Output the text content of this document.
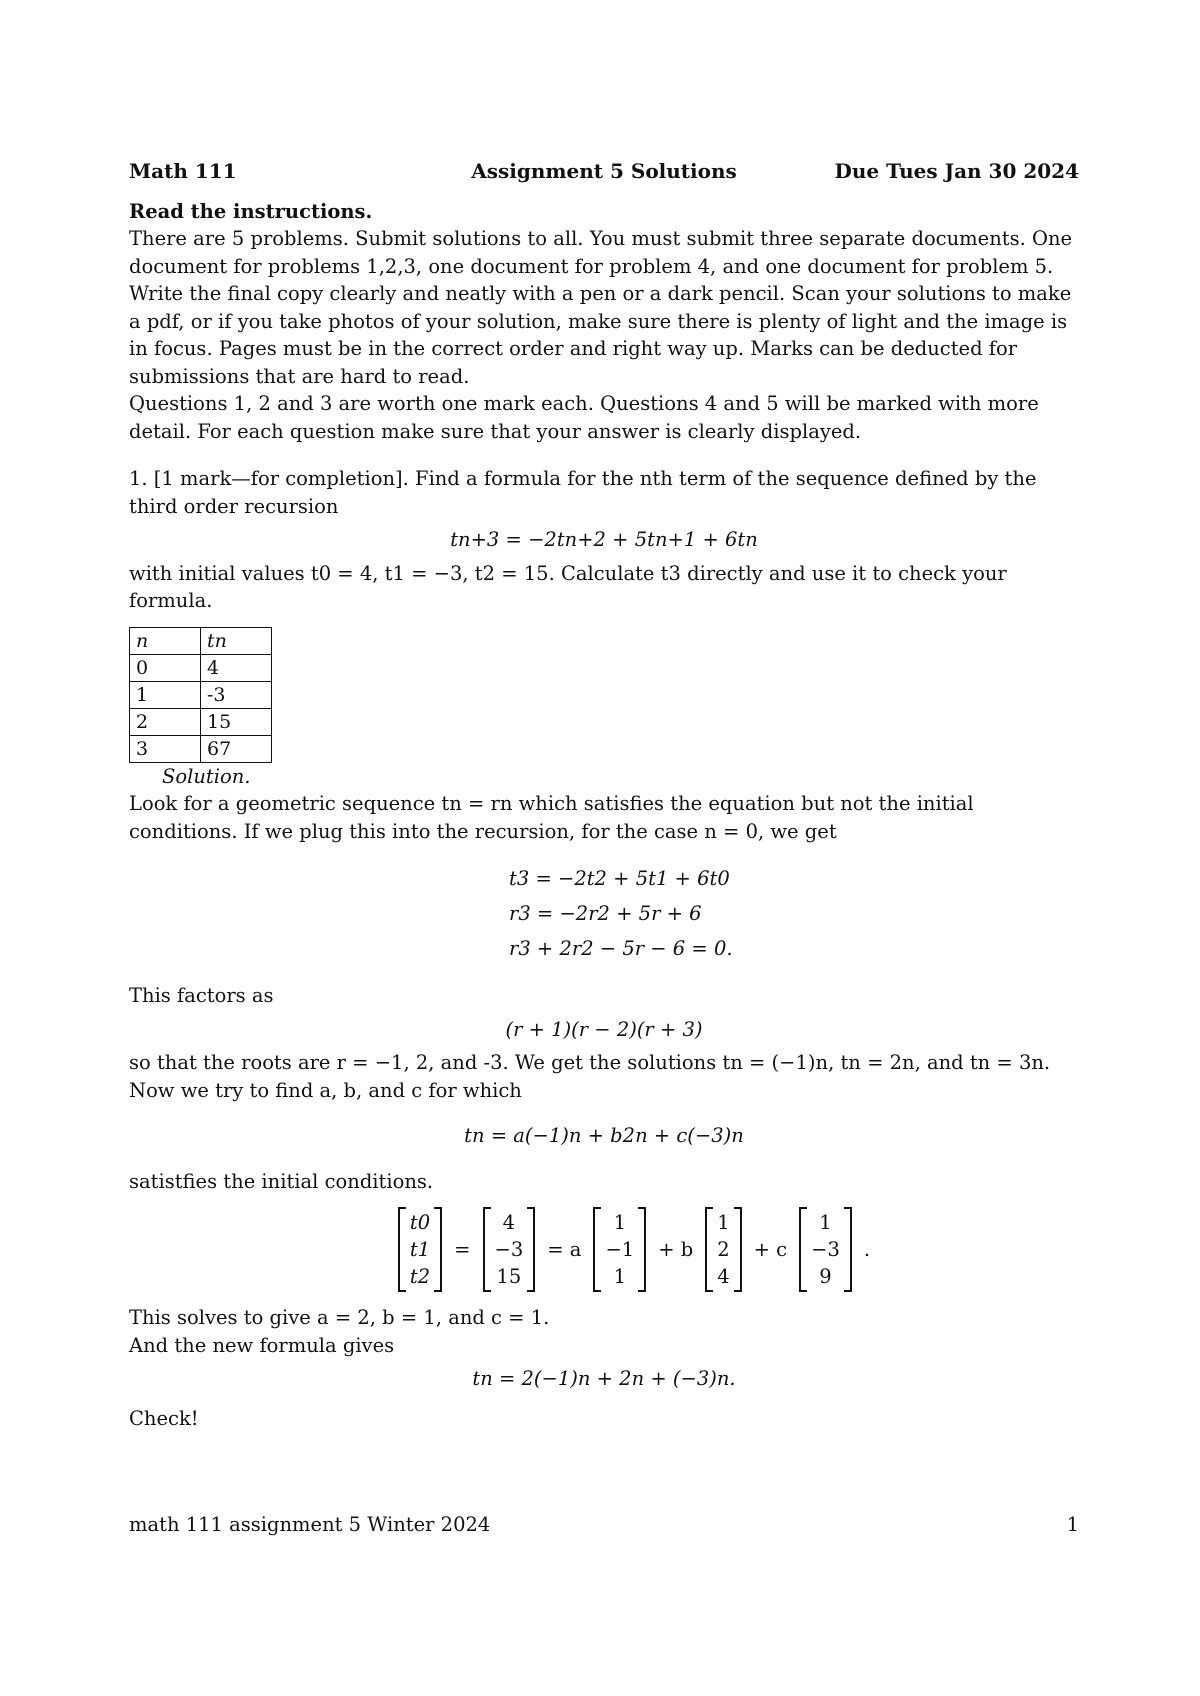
Math 111	Assignment 5 Solutions	Due Tues Jan 30 2024

Read the instructions.

There are 5 problems. Submit solutions to all. You must submit three separate documents. One document for problems 1,2,3, one document for problem 4, and one document for problem 5. Write the final copy clearly and neatly with a pen or a dark pencil. Scan your solutions to make a pdf, or if you take photos of your solution, make sure there is plenty of light and the image is in focus. Pages must be in the correct order and right way up. Marks can be deducted for submissions that are hard to read.

Questions 1, 2 and 3 are worth one mark each. Questions 4 and 5 will be marked with more detail. For each question make sure that your answer is clearly displayed.

1. [1 mark—for completion]. Find a formula for the nth term of the sequence defined by the third order recursion

tn+3 = −2tn+2 + 5tn+1 + 6tn

with initial values t0 = 4, t1 = −3, t2 = 15. Calculate t3 directly and use it to check your formula.

n	tn
0	4
1	-3
2	15
3	67

Solution.

Look for a geometric sequence tn = rn which satisfies the equation but not the initial conditions. If we plug this into the recursion, for the case n = 0, we get

t3 = −2t2 + 5t1 + 6t0
r3 = −2r2 + 5r + 6
r3 + 2r2 − 5r − 6 = 0.

This factors as

(r + 1)(r − 2)(r + 3)

so that the roots are r = −1, 2, and -3. We get the solutions tn = (−1)n, tn = 2n, and tn = 3n. Now we try to find a, b, and c for which

tn = a(−1)n + b2n + c(−3)n

satistfies the initial conditions.

t0
t1
t2
=
4
−3
15
= a
1
−1
1
+ b
1
2
4
+ c
1
−3
9
.

This solves to give a = 2, b = 1, and c = 1.

And the new formula gives

tn = 2(−1)n + 2n + (−3)n.

Check!

math 111 assignment 5 Winter 2024	1
